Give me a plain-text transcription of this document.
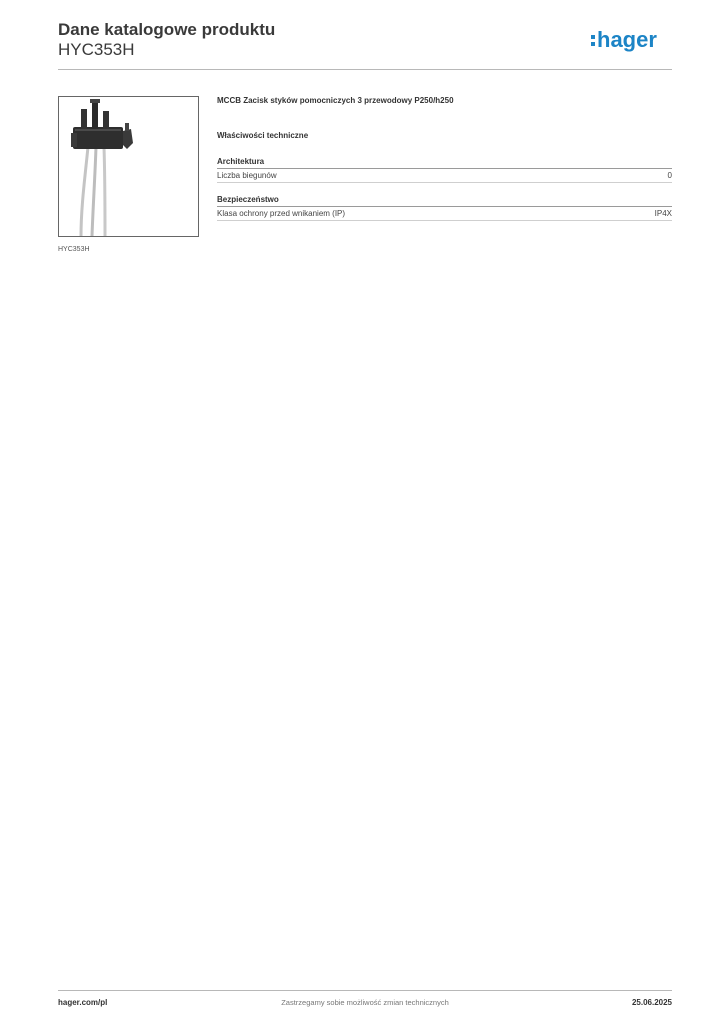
Dane katalogowe produktu
HYC353H	hager
HYC353H
MCCB Zacisk styków pomocniczych 3 przewodowy P250/h250
Właściwości techniczne
Architektura
Liczba biegunów	0
Bezpieczeństwo
Klasa ochrony przed wnikaniem (IP)	IP4X
hager.com/pl	Zastrzegamy sobie możliwość zmian technicznych	25.06.2025
